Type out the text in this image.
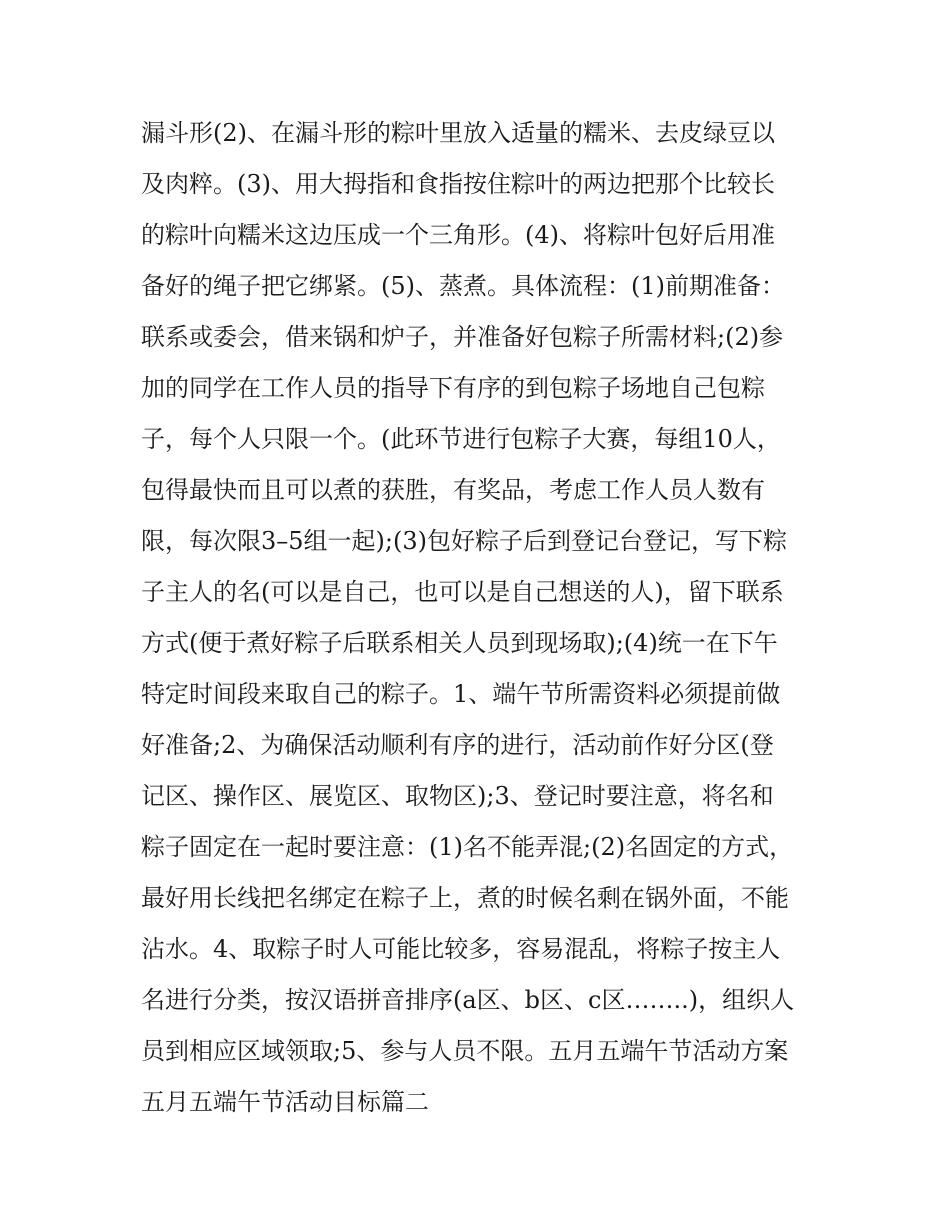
漏斗形(2)、在漏斗形的粽叶里放入适量的糯米、去皮绿豆以
及肉粹。(3)、用大拇指和食指按住粽叶的两边把那个比较长
的粽叶向糯米这边压成一个三角形。(4)、将粽叶包好后用准
备好的绳子把它绑紧。(5)、蒸煮。具体流程：(1)前期准备：
联系或委会，借来锅和炉子，并准备好包粽子所需材料;(2)参
加的同学在工作人员的指导下有序的到包粽子场地自己包粽
子，每个人只限一个。(此环节进行包粽子大赛，每组10人，
包得最快而且可以煮的获胜，有奖品，考虑工作人员人数有
限，每次限3–5组一起);(3)包好粽子后到登记台登记，写下粽
子主人的名(可以是自己，也可以是自己想送的人)，留下联系
方式(便于煮好粽子后联系相关人员到现场取);(4)统一在下午
特定时间段来取自己的粽子。1、端午节所需资料必须提前做
好准备;2、为确保活动顺利有序的进行，活动前作好分区(登
记区、操作区、展览区、取物区);3、登记时要注意，将名和
粽子固定在一起时要注意：(1)名不能弄混;(2)名固定的方式，
最好用长线把名绑定在粽子上，煮的时候名剩在锅外面，不能
沾水。4、取粽子时人可能比较多，容易混乱，将粽子按主人
名进行分类，按汉语拼音排序(a区、b区、c区……..)，组织人
员到相应区域领取;5、参与人员不限。五月五端午节活动方案
五月五端午节活动目标篇二
